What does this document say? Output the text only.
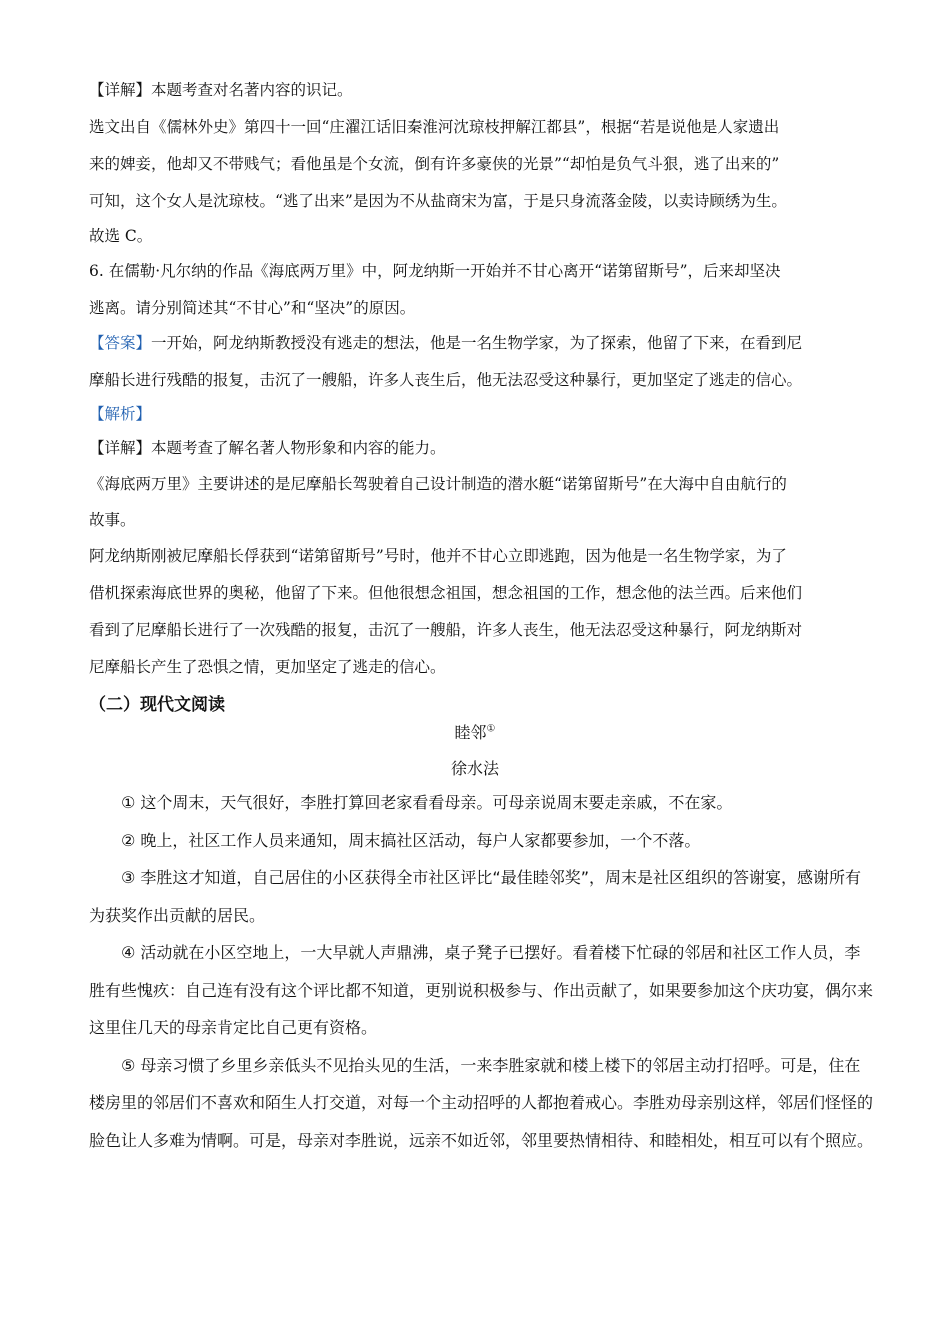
【详解】本题考查对名著内容的识记。
选文出自《儒林外史》第四十一回“庄濯江话旧秦淮河沈琼枝押解江都县”，根据“若是说他是人家遗出
来的婢妾，他却又不带贱气；看他虽是个女流，倒有许多豪侠的光景”“却怕是负气斗狠，逃了出来的”
可知，这个女人是沈琼枝。“逃了出来”是因为不从盐商宋为富，于是只身流落金陵，以卖诗顾绣为生。
故选 C。
6. 在儒勒·凡尔纳的作品《海底两万里》中，阿龙纳斯一开始并不甘心离开“诺第留斯号”，后来却坚决
逃离。请分别简述其“不甘心”和“坚决”的原因。
【答案】一开始，阿龙纳斯教授没有逃走的想法，他是一名生物学家，为了探索，他留了下来，在看到尼
摩船长进行残酷的报复，击沉了一艘船，许多人丧生后，他无法忍受这种暴行，更加坚定了逃走的信心。
【解析】
【详解】本题考查了解名著人物形象和内容的能力。
《海底两万里》主要讲述的是尼摩船长驾驶着自己设计制造的潜水艇“诺第留斯号”在大海中自由航行的
故事。
阿龙纳斯刚被尼摩船长俘获到“诺第留斯号”号时，他并不甘心立即逃跑，因为他是一名生物学家，为了
借机探索海底世界的奥秘，他留了下来。但他很想念祖国，想念祖国的工作，想念他的法兰西。后来他们
看到了尼摩船长进行了一次残酷的报复，击沉了一艘船，许多人丧生，他无法忍受这种暴行，阿龙纳斯对
尼摩船长产生了恐惧之情，更加坚定了逃走的信心。
（二）现代文阅读
睦邻①
徐水法

① 这个周末，天气很好，李胜打算回老家看看母亲。可母亲说周末要走亲戚，不在家。

② 晚上，社区工作人员来通知，周末搞社区活动，每户人家都要参加，一个不落。

③ 李胜这才知道，自己居住的小区获得全市社区评比“最佳睦邻奖”，周末是社区组织的答谢宴，感谢所有为获奖作出贡献的居民。

④ 活动就在小区空地上，一大早就人声鼎沸，桌子凳子已摆好。看着楼下忙碌的邻居和社区工作人员，李胜有些愧疚：自己连有没有这个评比都不知道，更别说积极参与、作出贡献了，如果要参加这个庆功宴，偶尔来这里住几天的母亲肯定比自己更有资格。

⑤ 母亲习惯了乡里乡亲低头不见抬头见的生活，一来李胜家就和楼上楼下的邻居主动打招呼。可是，住在楼房里的邻居们不喜欢和陌生人打交道，对每一个主动招呼的人都抱着戒心。李胜劝母亲别这样，邻居们怪怪的脸色让人多难为情啊。可是，母亲对李胜说，远亲不如近邻，邻里要热情相待、和睦相处，相互可以有个照应。
